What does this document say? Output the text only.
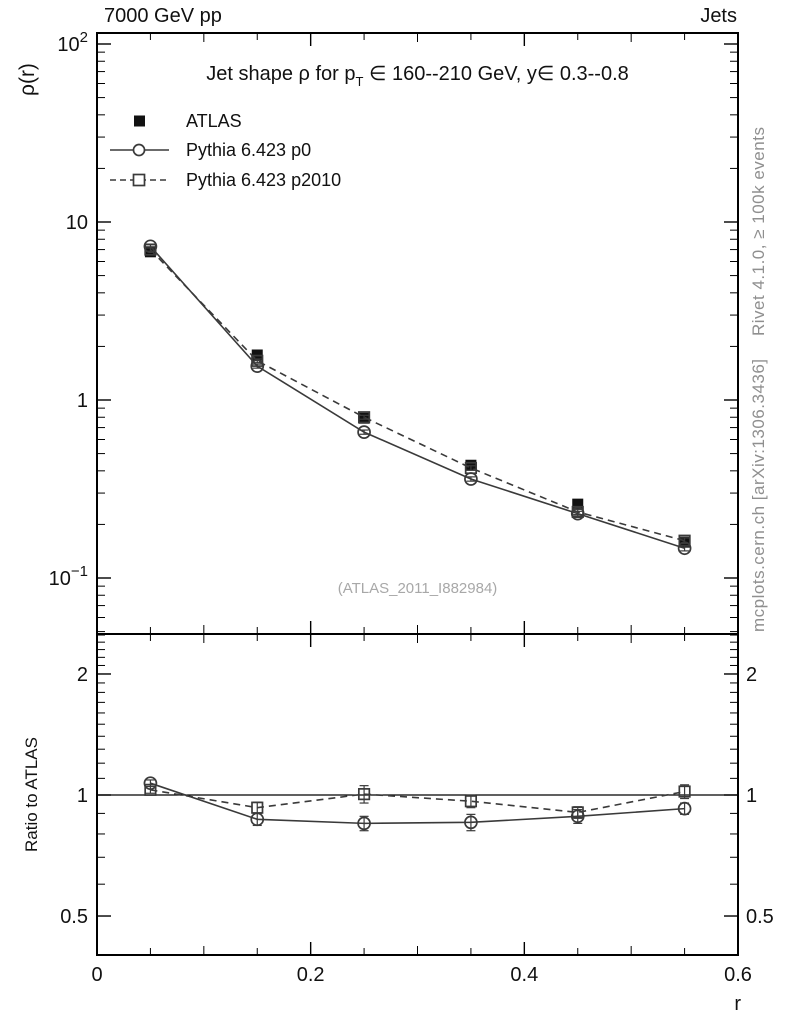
$10^2$
10
1
$10^{-1}$
2	2
1	1
0.5	0.5
0	0.2	0.4	0.6
7000 GeV pp	Jets
ρ(r)	Jet shape ρ for $p_T$ ∈ 160--210 GeV, y∈ 0.3--0.8
ATLAS
Pythia 6.423 p0
Pythia 6.423 p2010
(ATLAS_2011_I882984)
Ratio to ATLAS
r
Rivet 4.1.0, ≥ 100k events
mcplots.cern.ch [arXiv:1306.3436]
